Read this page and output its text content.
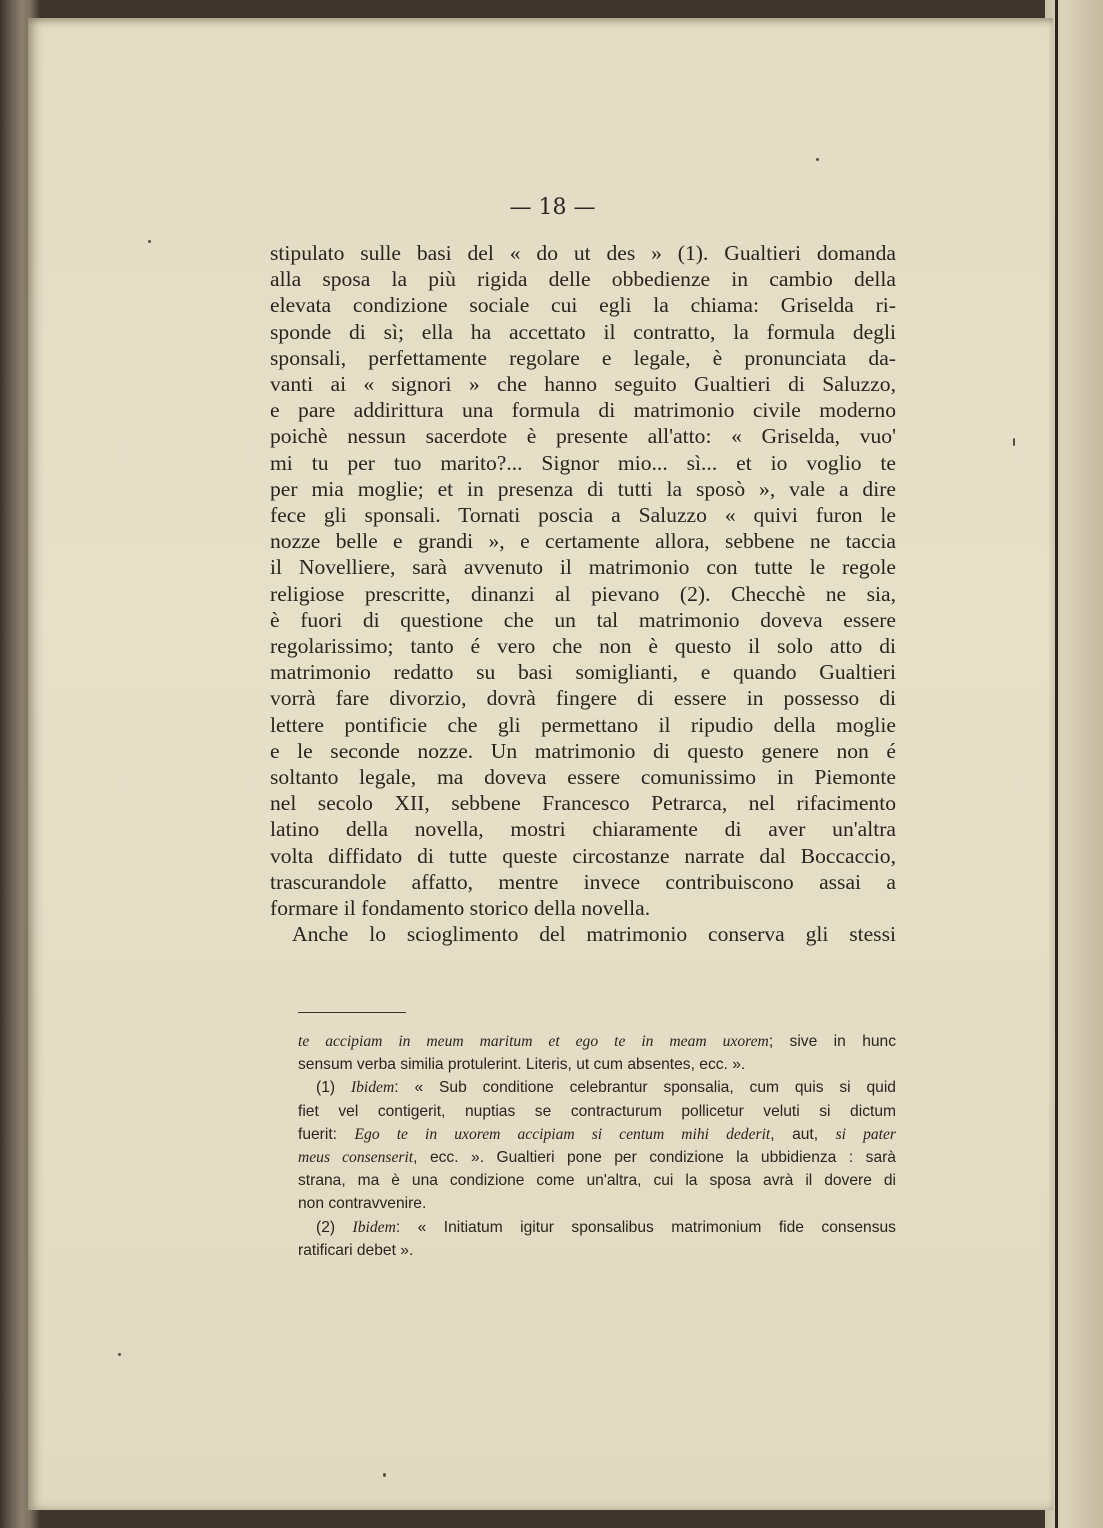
— 18 —
stipulato sulle basi del « do ut des » (1). Gualtieri domanda
alla sposa la più rigida delle obbedienze in cambio della
elevata condizione sociale cui egli la chiama: Griselda ri-
sponde di sì; ella ha accettato il contratto, la formula degli
sponsali, perfettamente regolare e legale, è pronunciata da-
vanti ai « signori » che hanno seguito Gualtieri di Saluzzo,
e pare addirittura una formula di matrimonio civile moderno
poichè nessun sacerdote è presente all'atto: « Griselda, vuo'
mi tu per tuo marito?... Signor mio... sì... et io voglio te
per mia moglie; et in presenza di tutti la sposò », vale a dire
fece gli sponsali. Tornati poscia a Saluzzo « quivi furon le
nozze belle e grandi », e certamente allora, sebbene ne taccia
il Novelliere, sarà avvenuto il matrimonio con tutte le regole
religiose prescritte, dinanzi al pievano (2). Checchè ne sia,
è fuori di questione che un tal matrimonio doveva essere
regolarissimo; tanto é vero che non è questo il solo atto di
matrimonio redatto su basi somiglianti, e quando Gualtieri
vorrà fare divorzio, dovrà fingere di essere in possesso di
lettere pontificie che gli permettano il ripudio della moglie
e le seconde nozze. Un matrimonio di questo genere non é
soltanto legale, ma doveva essere comunissimo in Piemonte
nel secolo XII, sebbene Francesco Petrarca, nel rifacimento
latino della novella, mostri chiaramente di aver un'altra
volta diffidato di tutte queste circostanze narrate dal Boccaccio,
trascurandole affatto, mentre invece contribuiscono assai a
formare il fondamento storico della novella.
Anche lo scioglimento del matrimonio conserva gli stessi
te accipiam in meum maritum et ego te in meam uxorem; sive in hunc
sensum verba similia protulerint. Literis, ut cum absentes, ecc. ».
(1) Ibidem: « Sub conditione celebrantur sponsalia, cum quis si quid
fiet vel contigerit, nuptias se contracturum pollicetur veluti si dictum
fuerit: Ego te in uxorem accipiam si centum mihi dederit, aut, si pater
meus consenserit, ecc. ». Gualtieri pone per condizione la ubbidienza : sarà
strana, ma è una condizione come un'altra, cui la sposa avrà il dovere di
non contravvenire.
(2) Ibidem: « Initiatum igitur sponsalibus matrimonium fide consensus
ratificari debet ».
